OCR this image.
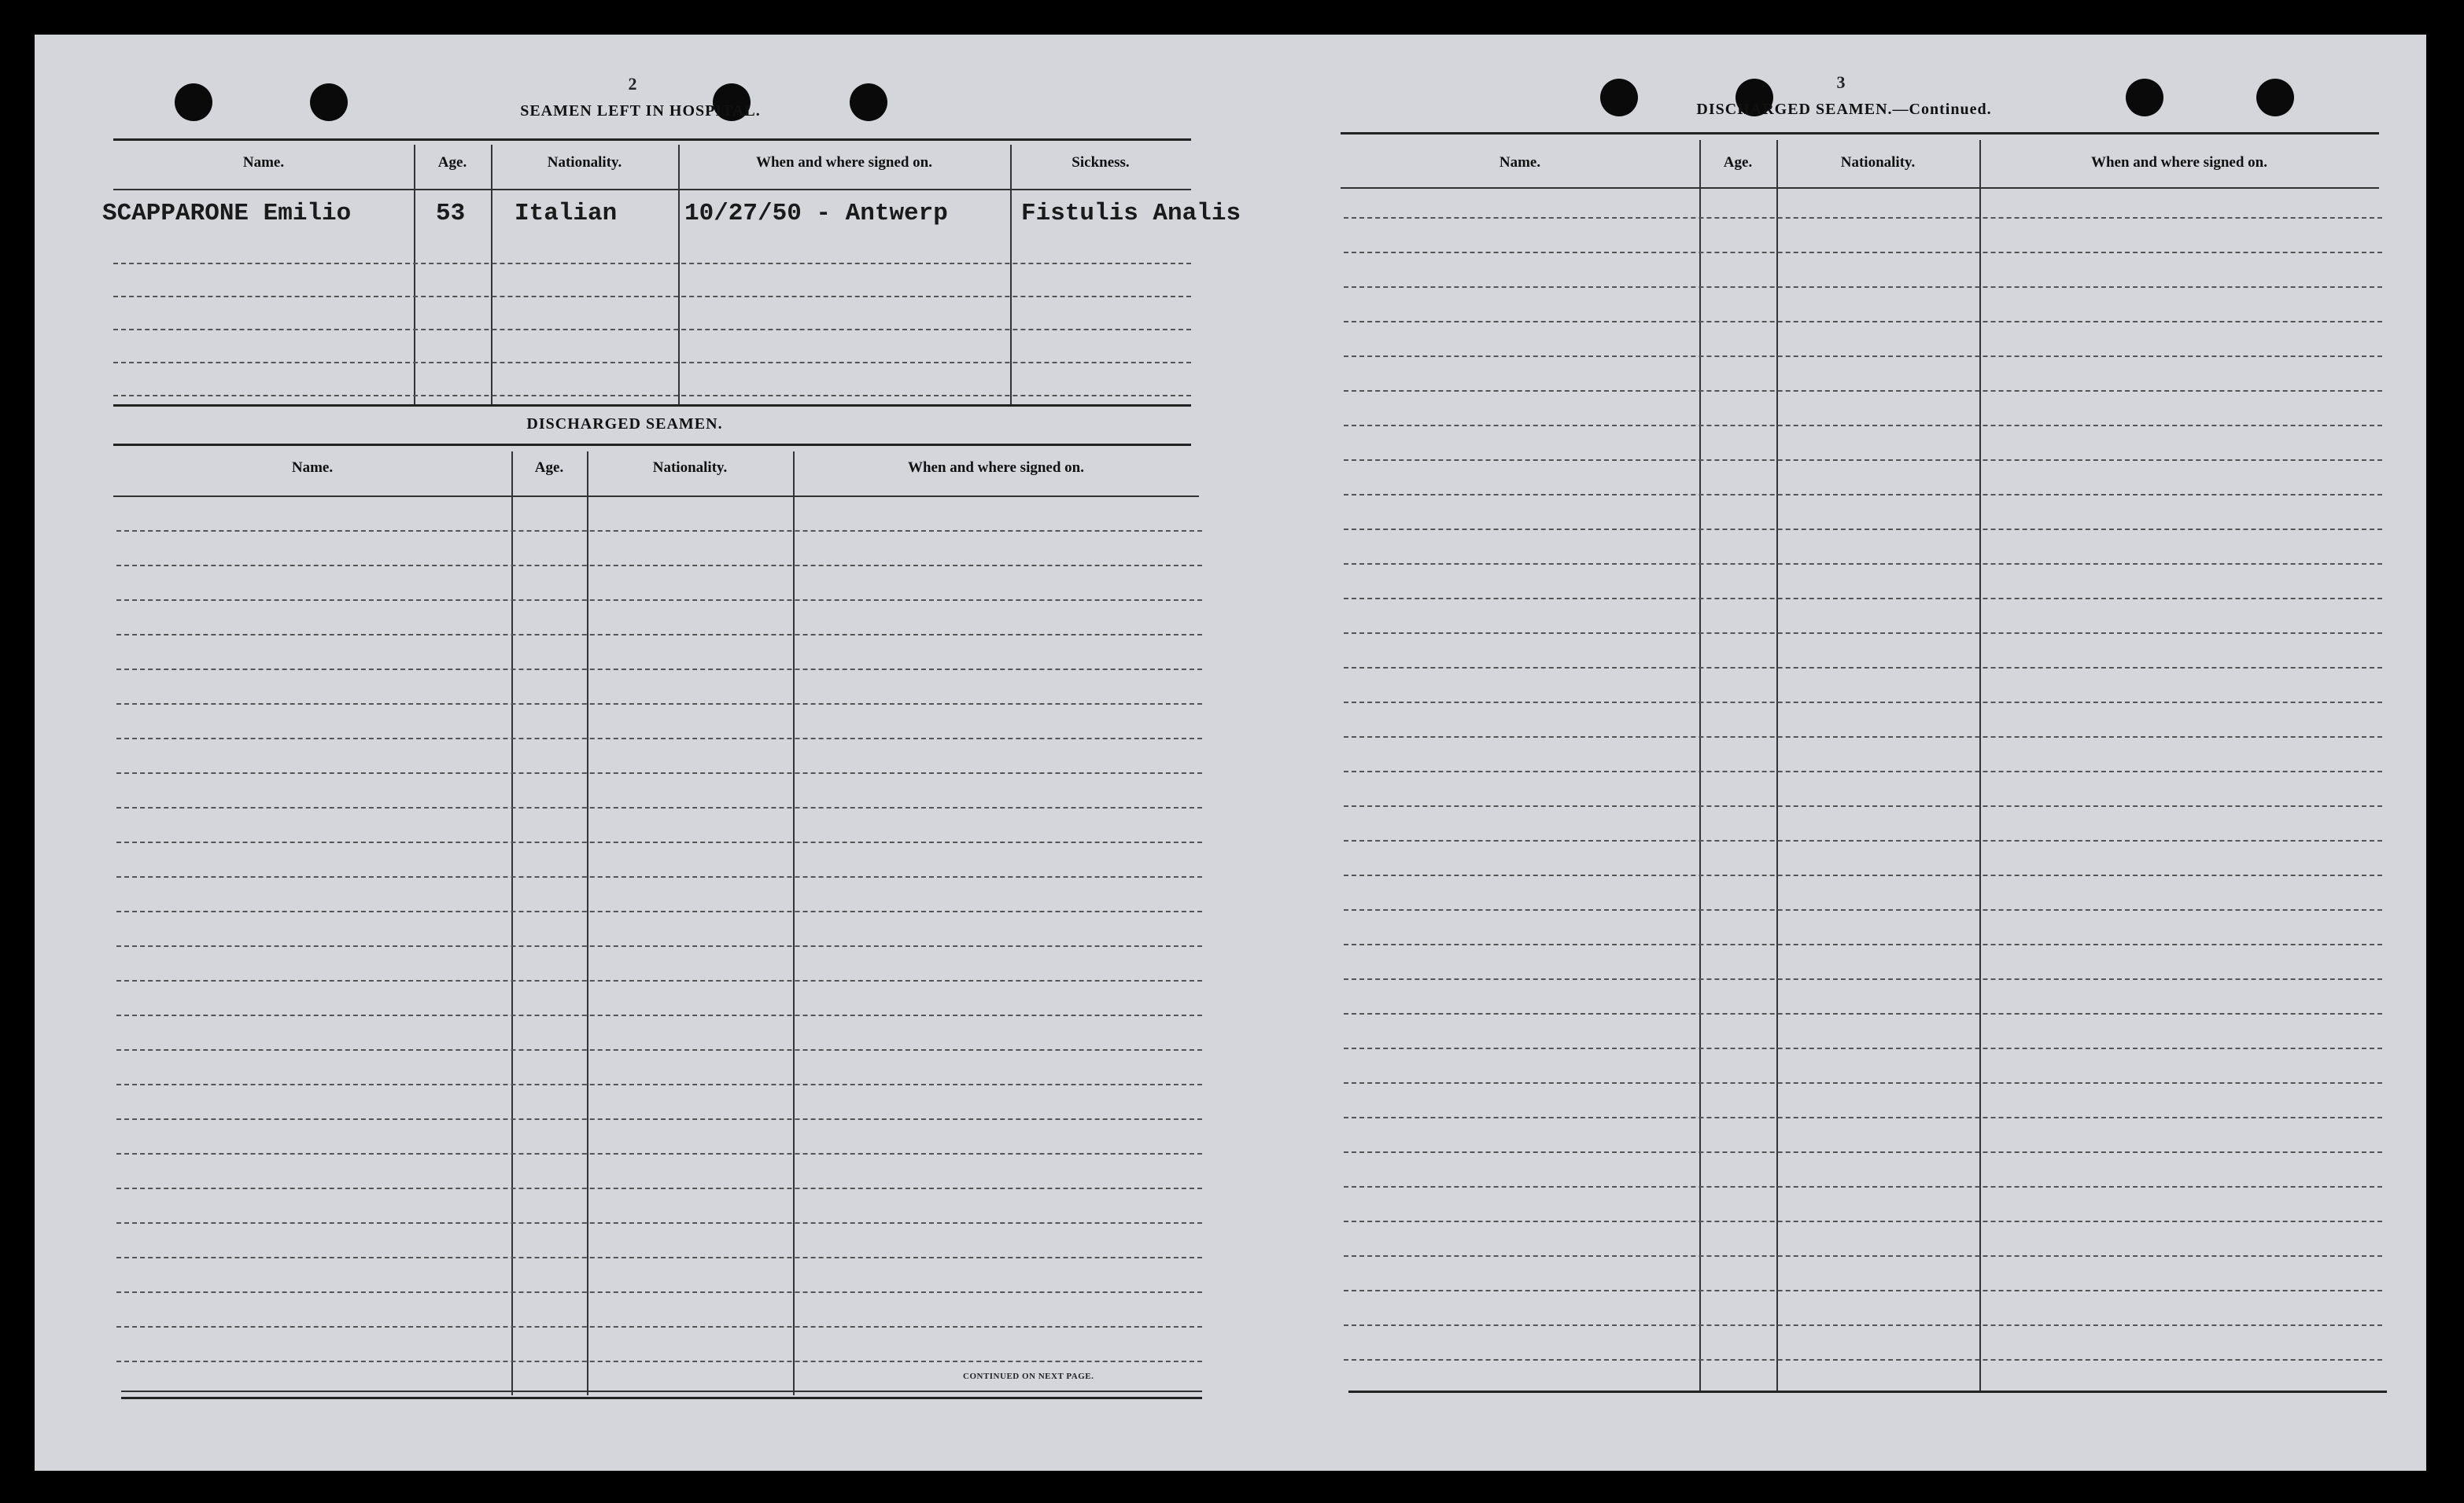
2
SEAMEN LEFT IN HOSPITAL.
Name.	Age.	Nationality.	When and where signed on.	Sickness.
SCAPPARONE Emilio	53 Italian	10/27/50 - Antwerp	Fistulis Analis
DISCHARGED SEAMEN.
Name.	Age.	Nationality.	When and where signed on.
CONTINUED ON NEXT PAGE.
3
DISCHARGED SEAMEN.—Continued.
Name.	Age.	Nationality.	When and where signed on.
